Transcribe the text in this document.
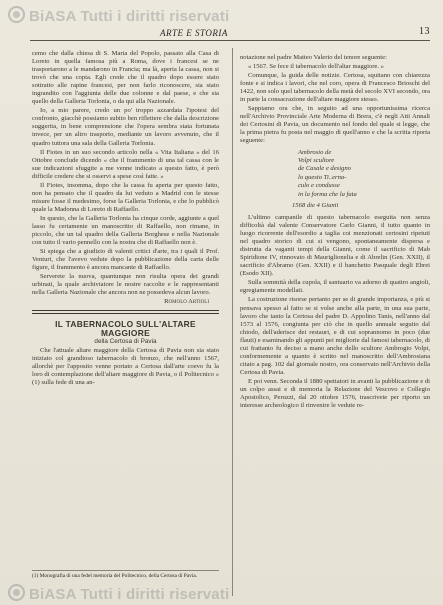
BiASA Tutti i diritti riservati
ARTE E STORIA	13

cemo che dalla chiesa di S. Maria del Popolo, passato alla Casa di Loreto in quella famosa più a Roma, dove i francesi se ne trasportarono a le mandarono in Francia; ma là, aperta la cassa, non si trovò che una copia. Egli crede che il quadro dopo essere stato sottratto alle rapine francesi, per non farlo riconoscere, sia stato ingrandito con l'aggiunta delle due colonne e dal paese, e che sia quello della Galleria Torlonia, o da qui alla Nazionale.

Io, a mio parere, credo un po' troppo azzardata l'ipotesi del confronto, giacchè possiamo subito ben riflettere che dalla descrizione suggerita, in bene comprensione che l'opera sembra stata fortunata invece, per un altro trasporto, mediante un lavoro avvenuto, che il quadro tuttora una sala della Galleria Torlonia.

Il Fiotes in un suo secondo articolo nella « Vita Italiana » del 16 Ottobre conclude dicendo « che il frammento di una tal cassa con le sue indicazioni sfuggite a me venne indicato a questo fatto, è però difficile credere che si osservi a spese così fatte. »

Il Fiotes, insomma, dopo che la cassa fu aperta per questo fatto, non ha pensato che il quadro da lui veduto a Madrid con le stesse misure fosse il medesimo, forse la Galleria Torlonia, e che lo pubblicò quale la Madonna di Loreto di Raffaello.

In questo, che la Galleria Torlonia ha cinque corde, aggiunte a quel lasso fu certamente un manoscritto di Raffaello, non rimane, in piccolo, che un tal quadro della Galleria Borghese e nella Nazionale con tutto il vario pennello con la nostra che di Raffaello non è.

Si spiega che a giudizio di valenti critici d'arte, tra i quali il Prof. Venturi, che l'avevo vedute dopo la pubblicazione della carta delle figure, il frammento è ancora mancante di Raffaello.

Serverete la nuova, quantunque non risulta opera dei grandi urbinati, la quale archiviatore le nostre raccolte e le rappresentanti nella Galleria Nazionale che ancora non ne possedeva alcun lavoro.

Romolo Artioli

IL TABERNACOLO SULL'ALTARE MAGGIORE

della Certosa di Pavia

Che l'attuale altare maggiore della Certosa di Pavia non sia stato iniziato col grandioso tabernacolo di bronzo, che nell'anno 1567, allorchè per l'apposito venne portato a Certosa dall'arte coevo fu la loro di contemplazione dell'altare maggiore di Pavia, o il Politecnico » (1) sulla fede di una an-

(1) Monografia di una fedel memoria del Politecnico, della Certosa di Pavia.

notazione nel padre Matteo Valerio del tenore seguente:

« 1567. Se fece il tabernacolo dell'altar maggiore. »

Comunque, la guida delle notizie. Certosa, squitano con chiarezza fonte e si indica i lavori, che nel coro, opera di Francesco Brioschi del 1422, non solo quel tabernacolo della metà del secolo XVI secondo, ora in parte la consacrazione dell'altare maggiore stesso.

Sappiamo ora che, in seguito ad una opportunissima ricerca nell'Archivio Provinciale Arte Moderna di Brera, c'è negli Atti Annali dei Certosini di Pavia, un documento nel fondo del quale si legge, che la prima pietra fu posta nel maggio di quell'anno e che la scritta riporta seguente:

Ambrosio de
Volpi scultore
de Casale e designo
lo questo Ti..erna-
culo e condusse
in la forma che la fata
1568 die 4 Giunii

L'ultimo campanile di questo tabernacolo eseguita non senza difficoltà dal valente Conservatore Carlo Gianni, il tutto quanto in luogo ricorrente dell'esordio a taglia coi menzionati certosini ripetuti nel quadro storico di cui si vengono, spontaneamente dispersa e distrutta da vaganti tempi della Gianni, come il sacrificio di Mab Spiridione IV, rinnovato di Mauriglionelia e di Abrelin (Gen. XXII), il sacrificio d'Abramo (Gen. XXII) e il banchetto Pasquale degli Ebrei (Esodo XII).

Sulla sommità della cupola, il santuario va adorno di quattro angioli, egregiamente modellati.

La costruzione risorse pertanto per se di grande importanza, e più si pensava spesso al fatto se si volse anche alla parte, in una sua parte, lavoro che tanto la Certosa del padre D. Appolino Tanis, nell'anno dal 1573 al 1576, congiunta per ciò che in quello annuale seguito dal chiodo, dell'aderisce dei restauri, e di cui soprannomo in poco (due flauti) e esaminando gli appunti pei migliorie dal famosi tabernacolo, di cui frattanto fu deciso a mano anche dello scultore Ambrogio Volpi, conformemente a quanto è scritto nel manoscritto dell'Ambrosiana citato a pag. 102 dal giornale nostro, ora conservato nell'Archivio della Certosa di Pavia.

E poi venn. Seconda il 1880 spettatori in avanti la pubblicazione e di un colpo assai e di memoria la Relazione del Vescovo e Collegio Apostolico, Peruzzi, dal 20 ottobre 1576, trascrivete per riporto un interesse archeologico il rinvenire le vedute re-

BiASA Tutti i diritti riservati
